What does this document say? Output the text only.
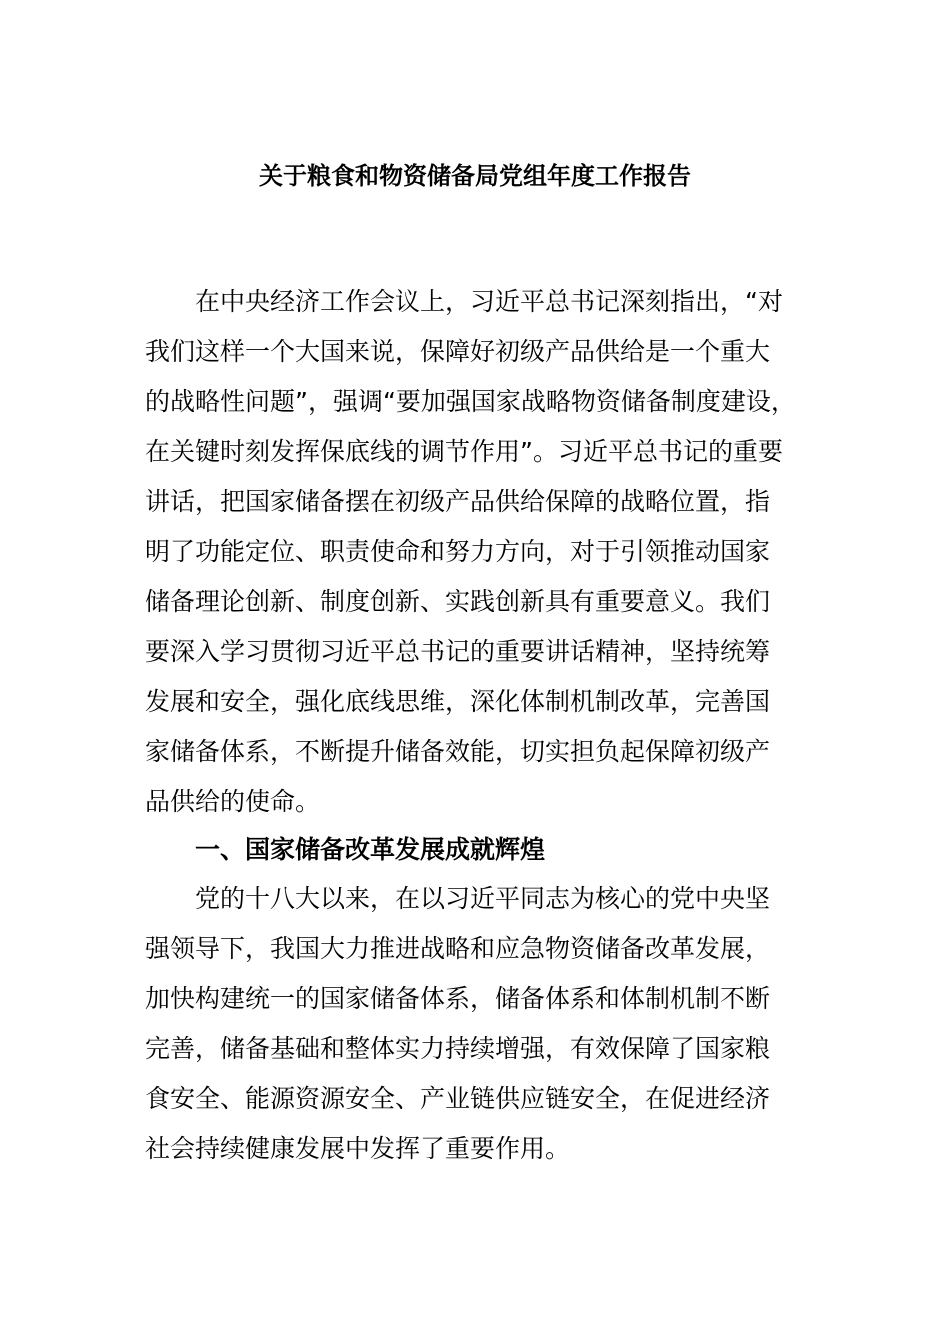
关于粮食和物资储备局党组年度工作报告
在中央经济工作会议上，习近平总书记深刻指出，“对
我们这样一个大国来说，保障好初级产品供给是一个重大
的战略性问题”，强调“要加强国家战略物资储备制度建设，
在关键时刻发挥保底线的调节作用”。习近平总书记的重要
讲话，把国家储备摆在初级产品供给保障的战略位置，指
明了功能定位、职责使命和努力方向，对于引领推动国家
储备理论创新、制度创新、实践创新具有重要意义。我们
要深入学习贯彻习近平总书记的重要讲话精神，坚持统筹
发展和安全，强化底线思维，深化体制机制改革，完善国
家储备体系，不断提升储备效能，切实担负起保障初级产
品供给的使命。
一、国家储备改革发展成就辉煌
党的十八大以来，在以习近平同志为核心的党中央坚
强领导下，我国大力推进战略和应急物资储备改革发展，
加快构建统一的国家储备体系，储备体系和体制机制不断
完善，储备基础和整体实力持续增强，有效保障了国家粮
食安全、能源资源安全、产业链供应链安全，在促进经济
社会持续健康发展中发挥了重要作用。
